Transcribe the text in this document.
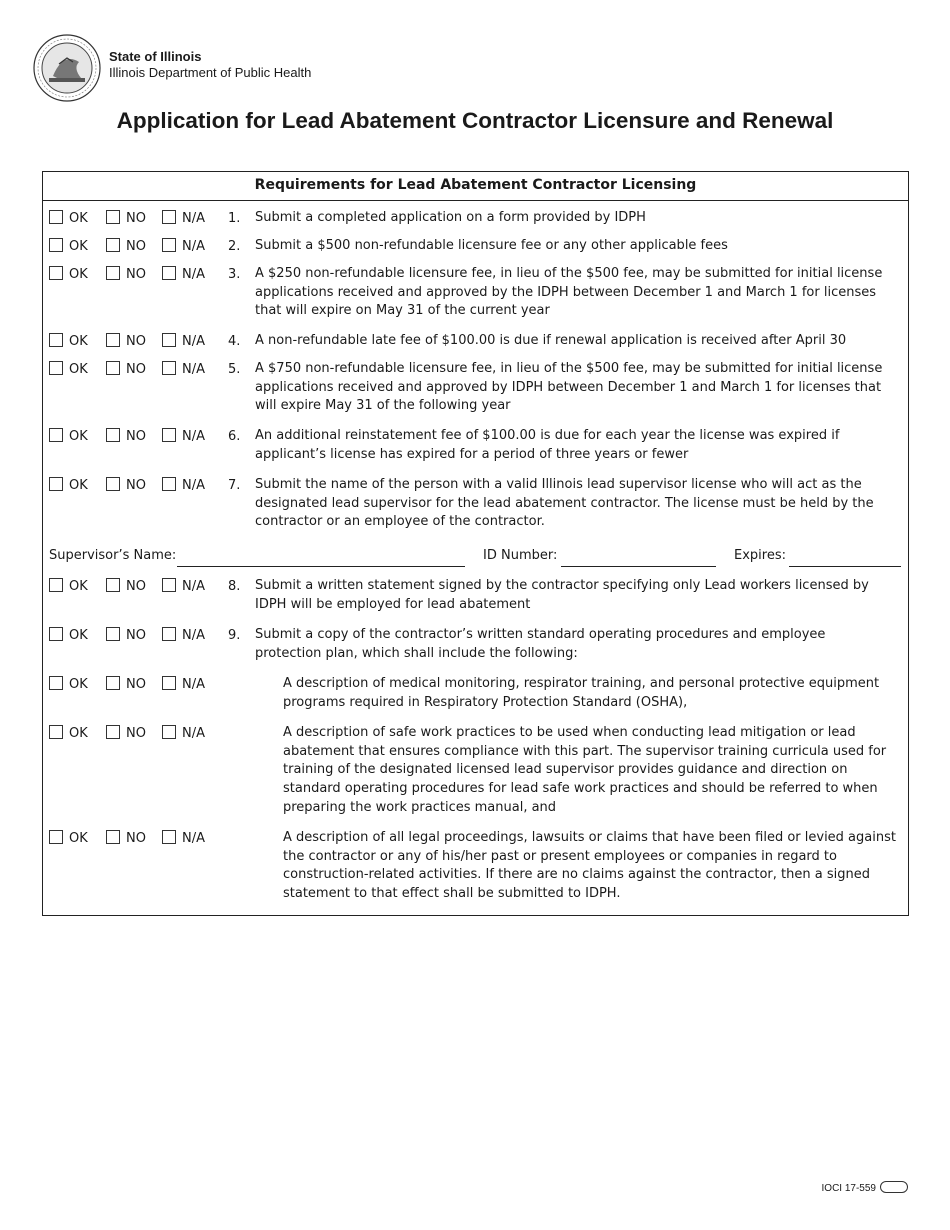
State of Illinois
Illinois Department of Public Health
Application for Lead Abatement Contractor Licensure and Renewal
Requirements for Lead Abatement Contractor Licensing
OK	NO	N/A 1. Submit a completed application on a form provided by IDPH
OK	NO	N/A 2. Submit a $500 non-refundable licensure fee or any other applicable fees
OK	NO	N/A 3. A $250 non-refundable licensure fee, in lieu of the $500 fee, may be submitted for initial license applications received and approved by the IDPH between December 1 and March 1 for licenses that will expire on May 31 of the current year
OK	NO	N/A 4. A non-refundable late fee of $100.00 is due if renewal application is received after April 30
OK	NO	N/A 5. A $750 non-refundable licensure fee, in lieu of the $500 fee, may be submitted for initial license applications received and approved by IDPH between December 1 and March 1 for licenses that will expire May 31 of the following year
OK	NO	N/A 6. An additional reinstatement fee of $100.00 is due for each year the license was expired if applicant’s license has expired for a period of three years or fewer
OK	NO	N/A 7. Submit the name of the person with a valid Illinois lead supervisor license who will act as the designated lead supervisor for the lead abatement contractor. The license must be held by the contractor or an employee of the contractor.
Supervisor’s Name:	ID Number:	Expires:
OK	NO	N/A 8. Submit a written statement signed by the contractor specifying only Lead workers licensed by IDPH will be employed for lead abatement
OK	NO	N/A 9. Submit a copy of the contractor’s written standard operating procedures and employee protection plan, which shall include the following:
OK	NO	N/A	A description of medical monitoring, respirator training, and personal protective equipment programs required in Respiratory Protection Standard (OSHA),
OK	NO	N/A	A description of safe work practices to be used when conducting lead mitigation or lead abatement that ensures compliance with this part. The supervisor training curricula used for training of the designated licensed lead supervisor provides guidance and direction on standard operating procedures for lead safe work practices and should be referred to when preparing the work practices manual, and
OK	NO	N/A	A description of all legal proceedings, lawsuits or claims that have been filed or levied against the contractor or any of his/her past or present employees or companies in regard to construction-related activities. If there are no claims against the contractor, then a signed statement to that effect shall be submitted to IDPH.
IOCI 17-559
